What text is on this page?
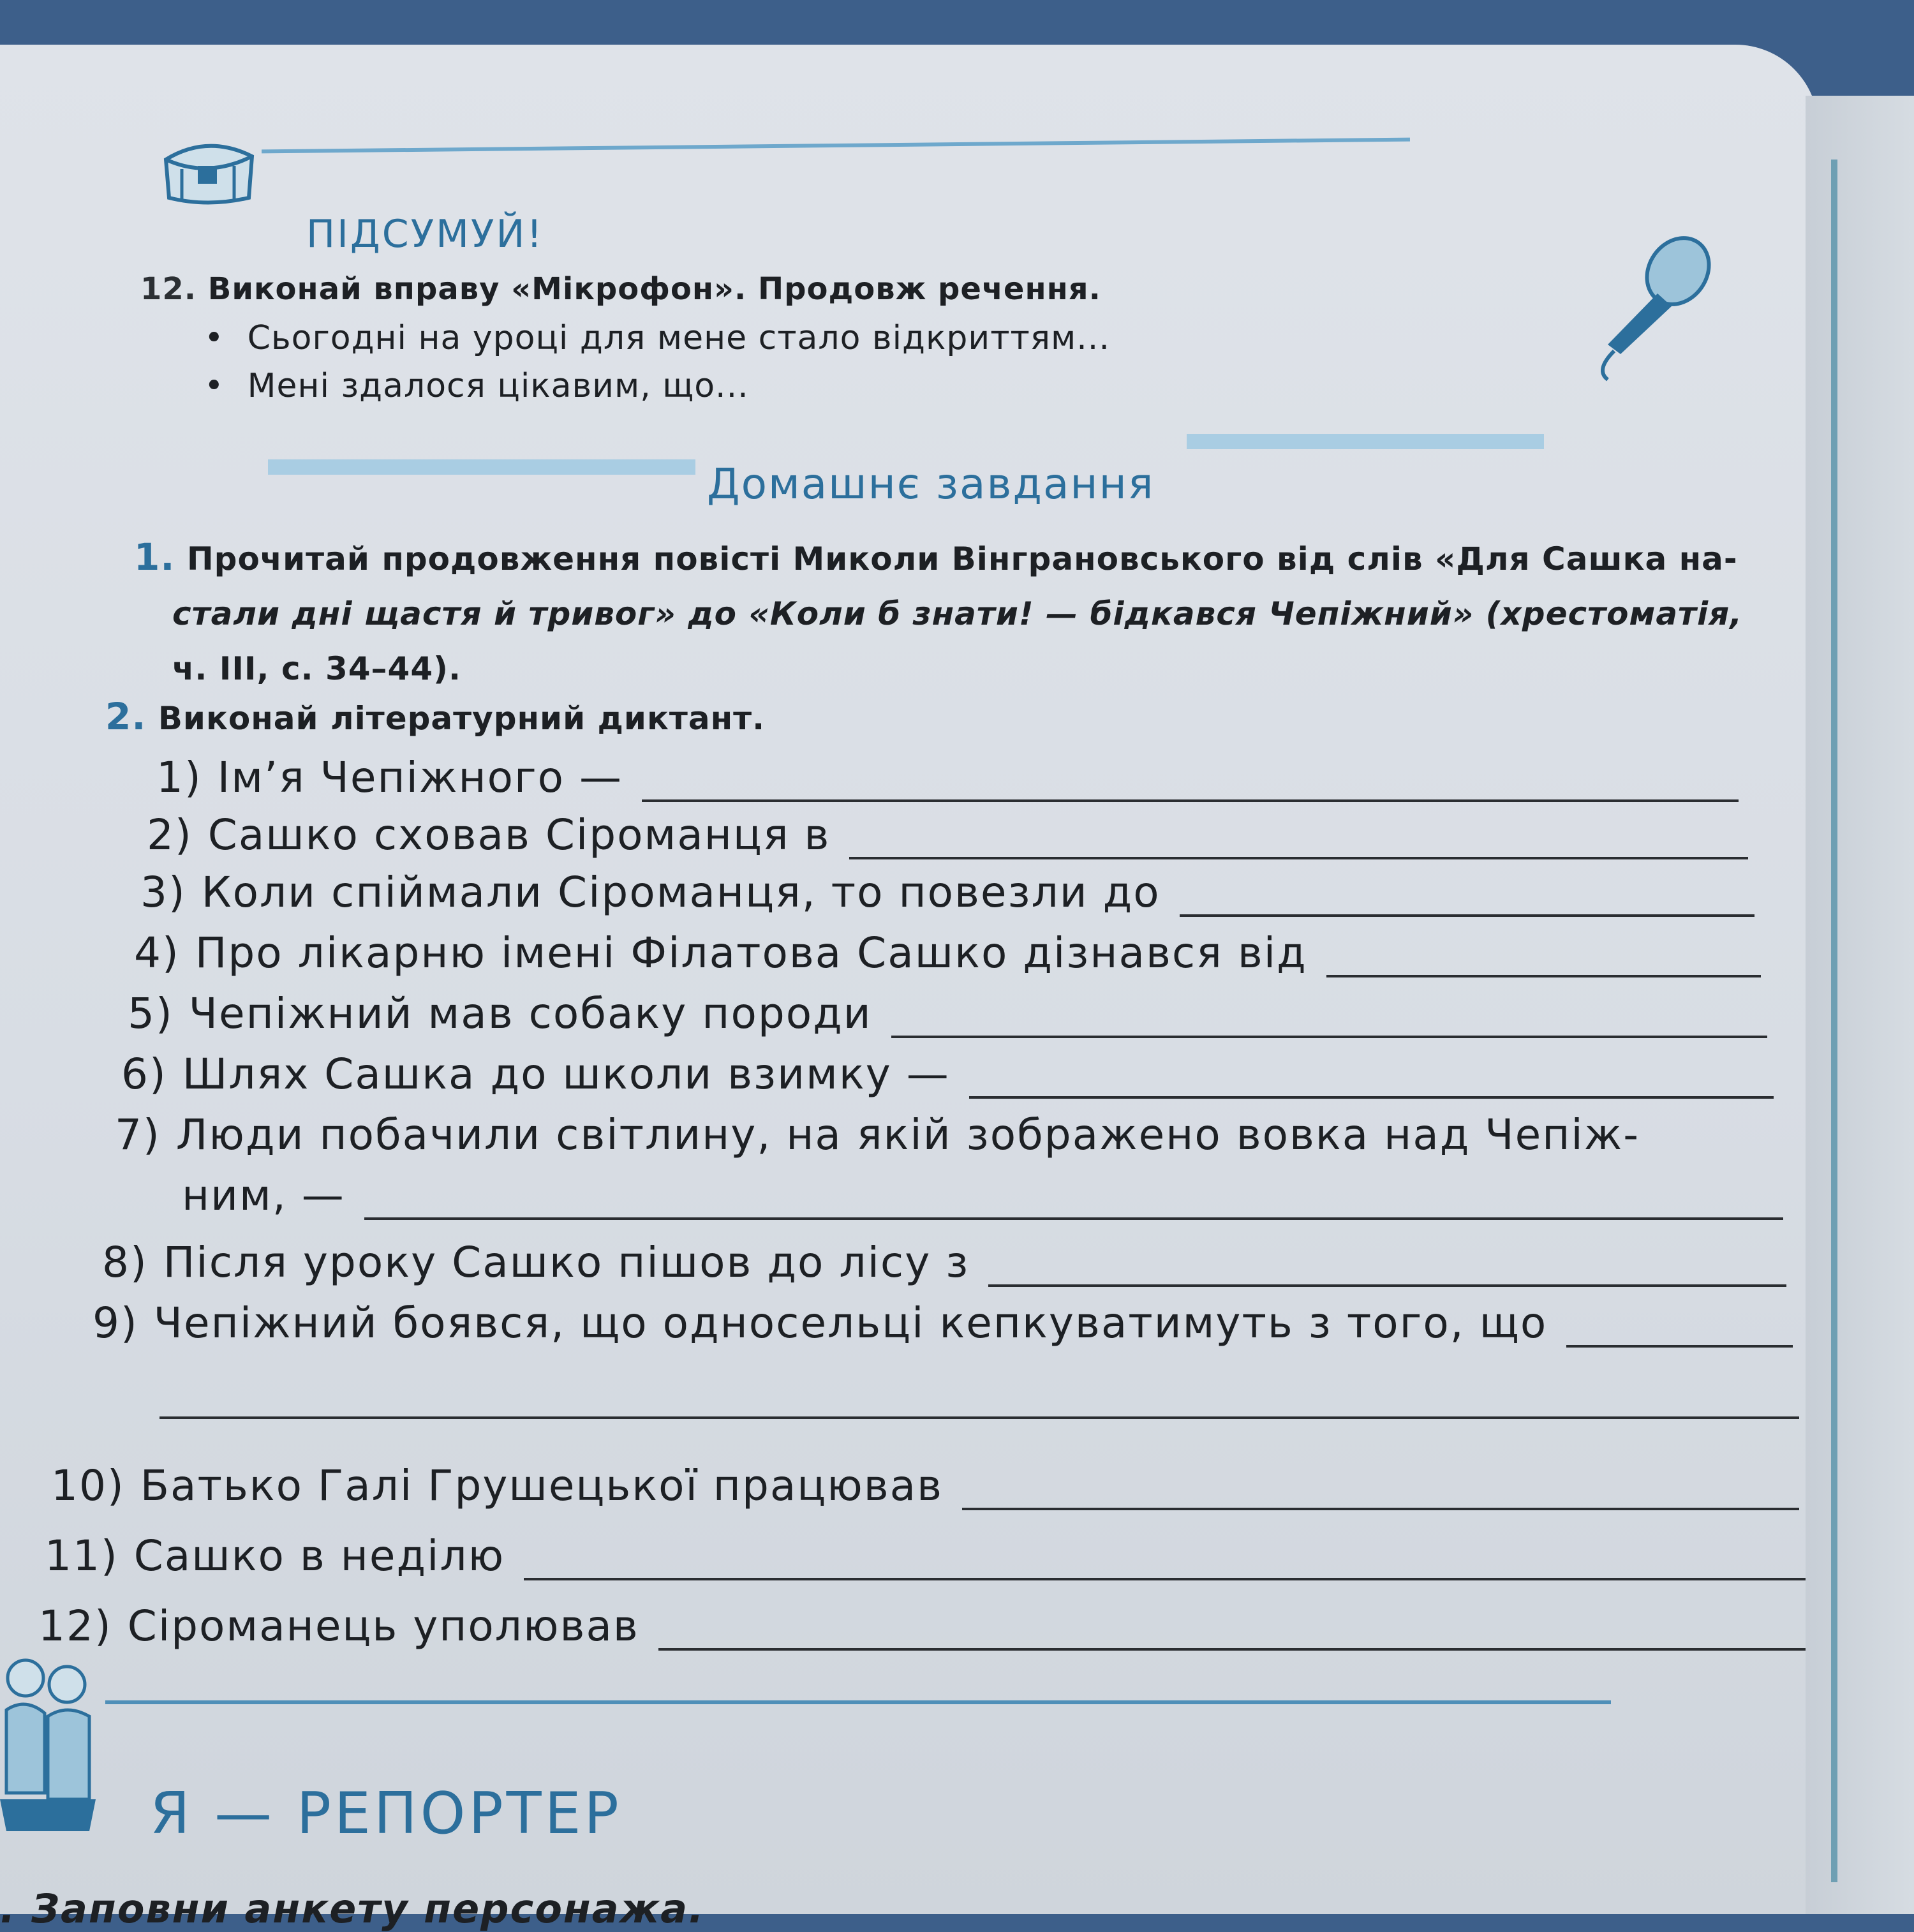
ПІДСУМУЙ!
12. Виконай вправу «Мікрофон». Продовж речення.
• Сьогодні на уроці для мене стало відкриттям...
• Мені здалося цікавим, що...
Домашнє завдання
1. Прочитай продовження повісті Миколи Вінграновського від слів «Для Сашка на-
стали дні щастя й тривог» до «Коли б знати! — бідкався Чепіжний» (хрестоматія,
ч. III, с. 34–44).
2. Виконай літературний диктант.
1) Ім’я Чепіжного —
2) Сашко сховав Сіроманця в
3) Коли спіймали Сіроманця, то повезли до
4) Про лікарню імені Філатова Сашко дізнався від
5) Чепіжний мав собаку породи
6) Шлях Сашка до школи взимку —
7) Люди побачили світлину, на якій зображено вовка над Чепіж-
ним, —
8) Після уроку Сашко пішов до лісу з
9) Чепіжний боявся, що односельці кепкуватимуть з того, що
10) Батько Галі Грушецької працював
11) Сашко в неділю
12) Сіроманець уполював
Я — РЕПОРТЕР
. Заповни анкету персонажа.
